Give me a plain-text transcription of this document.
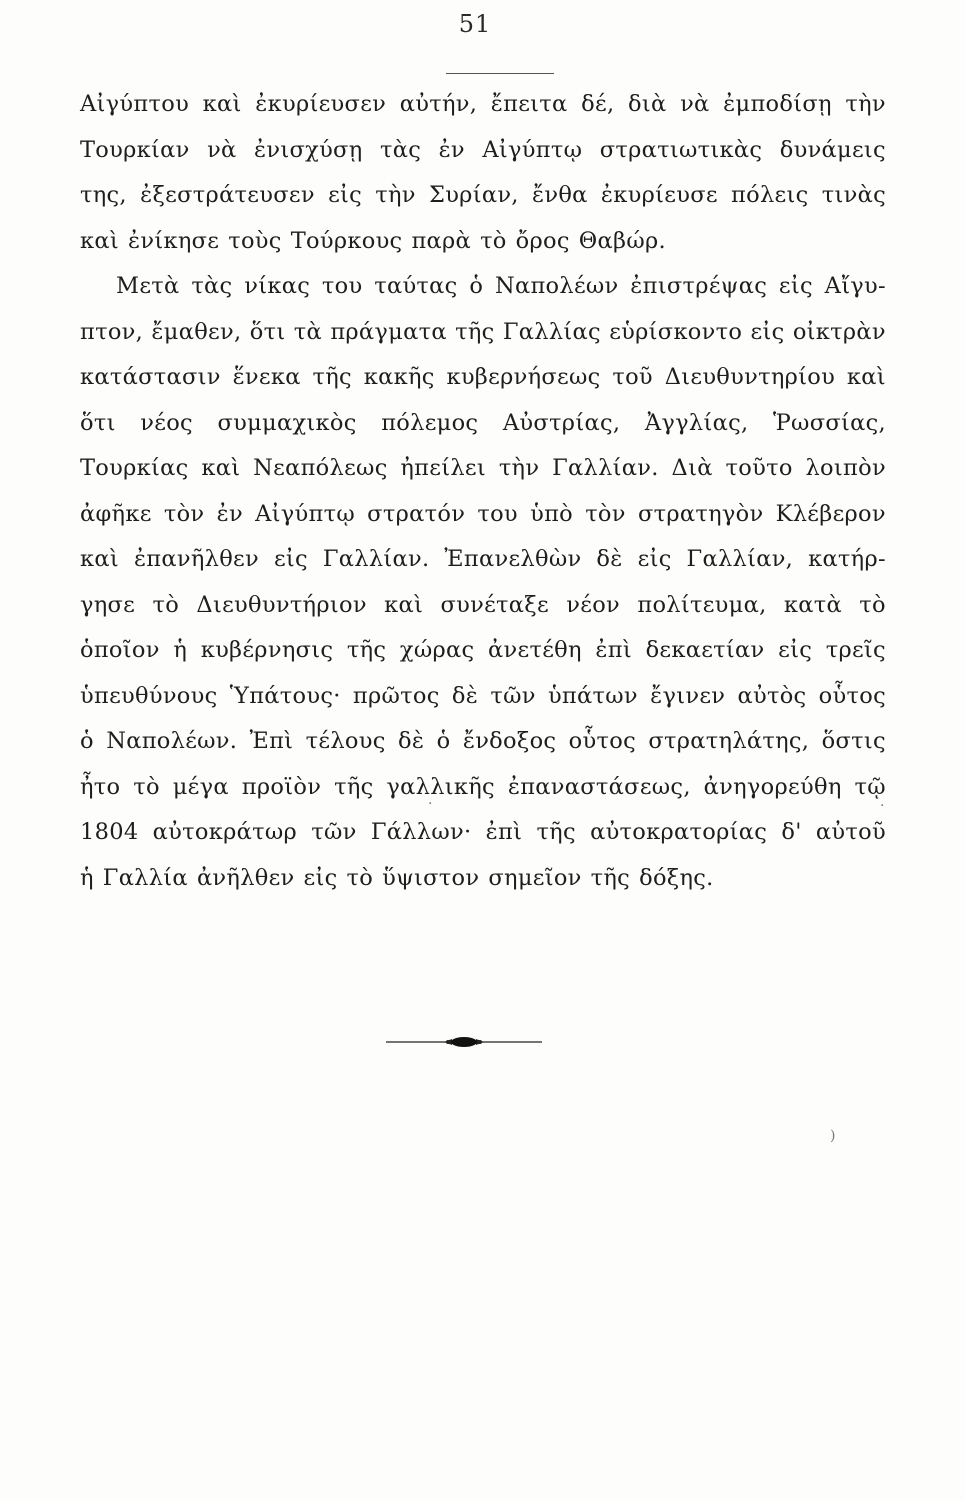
51
Αἰγύπτου καὶ ἐκυρίευσεν αὐτήν, ἔπειτα δέ, διὰ νὰ ἐμποδίσῃ τὴν
Τουρκίαν νὰ ἐνισχύσῃ τὰς ἐν Αἰγύπτῳ στρατιωτικὰς δυνάμεις
της, ἐξεστράτευσεν εἰς τὴν Συρίαν, ἔνθα ἐκυρίευσε πόλεις τινὰς
καὶ ἐνίκησε τοὺς Τούρκους παρὰ τὸ ὄρος Θαβώρ.
Μετὰ τὰς νίκας του ταύτας ὁ Ναπολέων ἐπιστρέψας εἰς Αἴγυ-
πτον, ἔμαθεν, ὅτι τὰ πράγματα τῆς Γαλλίας εὑρίσκοντο εἰς οἰκτρὰν
κατάστασιν ἕνεκα τῆς κακῆς κυβερνήσεως τοῦ Διευθυντηρίου καὶ
ὅτι νέος συμμαχικὸς πόλεμος Αὐστρίας, Ἀγγλίας, Ῥωσσίας,
Τουρκίας καὶ Νεαπόλεως ἠπείλει τὴν Γαλλίαν. Διὰ τοῦτο λοιπὸν
ἀφῆκε τὸν ἐν Αἰγύπτῳ στρατόν του ὑπὸ τὸν στρατηγὸν Κλέβερον
καὶ ἐπανῆλθεν εἰς Γαλλίαν. Ἐπανελθὼν δὲ εἰς Γαλλίαν, κατήρ-
γησε τὸ Διευθυντήριον καὶ συνέταξε νέον πολίτευμα, κατὰ τὸ
ὁποῖον ἡ κυβέρνησις τῆς χώρας ἀνετέθη ἐπὶ δεκαετίαν εἰς τρεῖς
ὑπευθύνους Ὑπάτους· πρῶτος δὲ τῶν ὑπάτων ἔγινεν αὐτὸς οὗτος
ὁ Ναπολέων. Ἐπὶ τέλους δὲ ὁ ἔνδοξος οὗτος στρατηλάτης, ὅστις
ἦτο τὸ μέγα προϊὸν τῆς γαλλικῆς ἐπαναστάσεως, ἀνηγορεύθη τῷ
1804 αὐτοκράτωρ τῶν Γάλλων· ἐπὶ τῆς αὐτοκρατορίας δ' αὐτοῦ
ἡ Γαλλία ἀνῆλθεν εἰς τὸ ὕψιστον σημεῖον τῆς δόξης.
·	·
)
